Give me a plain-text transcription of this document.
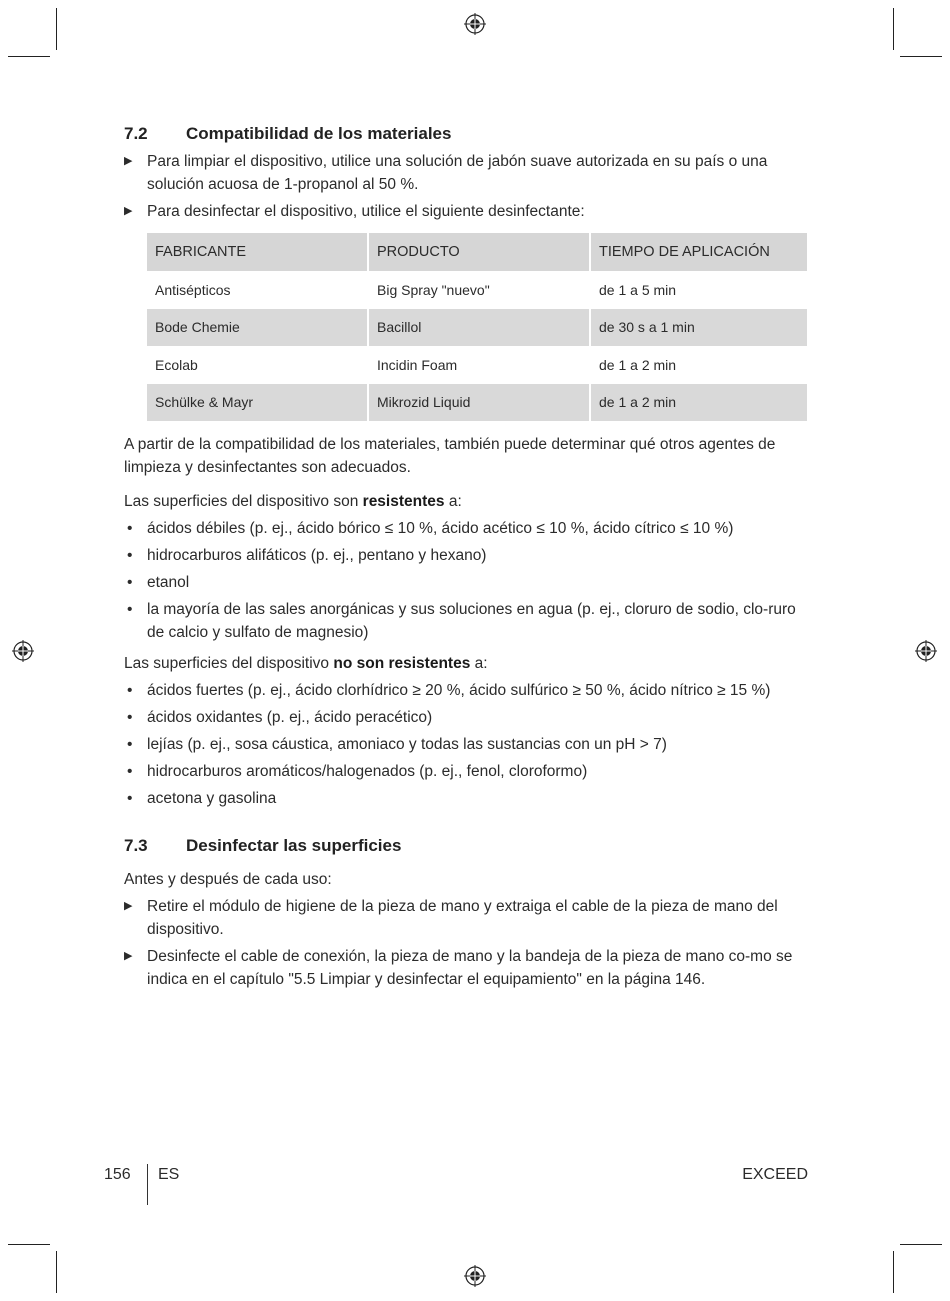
7.2	Compatibilidad de los materiales
▶ Para limpiar el dispositivo, utilice una solución de jabón suave autorizada en su país o una solución acuosa de 1-propanol al 50 %.
▶ Para desinfectar el dispositivo, utilice el siguiente desinfectante:
FABRICANTE	PRODUCTO	TIEMPO DE APLICACIÓN
Antisépticos	Big Spray "nuevo"	de 1 a 5 min
Bode Chemie	Bacillol	de 30 s a 1 min
Ecolab	Incidin Foam	de 1 a 2 min
Schülke & Mayr	Mikrozid Liquid	de 1 a 2 min

A partir de la compatibilidad de los materiales, también puede determinar qué otros agentes de limpieza y desinfectantes son adecuados.

Las superficies del dispositivo son resistentes a:

• ácidos débiles (p. ej., ácido bórico ≤ 10 %, ácido acético ≤ 10 %, ácido cítrico ≤ 10 %)
• hidrocarburos alifáticos (p. ej., pentano y hexano)
• etanol
• la mayoría de las sales anorgánicas y sus soluciones en agua (p. ej., cloruro de sodio, clo-ruro de calcio y sulfato de magnesio)

Las superficies del dispositivo no son resistentes a:

• ácidos fuertes (p. ej., ácido clorhídrico ≥ 20 %, ácido sulfúrico ≥ 50 %, ácido nítrico ≥ 15 %)
• ácidos oxidantes (p. ej., ácido peracético)
• lejías (p. ej., sosa cáustica, amoniaco y todas las sustancias con un pH > 7)
• hidrocarburos aromáticos/halogenados (p. ej., fenol, cloroformo)
• acetona y gasolina
7.3	Desinfectar las superficies

Antes y después de cada uso:

▶ Retire el módulo de higiene de la pieza de mano y extraiga el cable de la pieza de mano del dispositivo.
▶ Desinfecte el cable de conexión, la pieza de mano y la bandeja de la pieza de mano co-mo se indica en el capítulo "5.5 Limpiar y desinfectar el equipamiento" en la página 146.
156 ES	EXCEED
